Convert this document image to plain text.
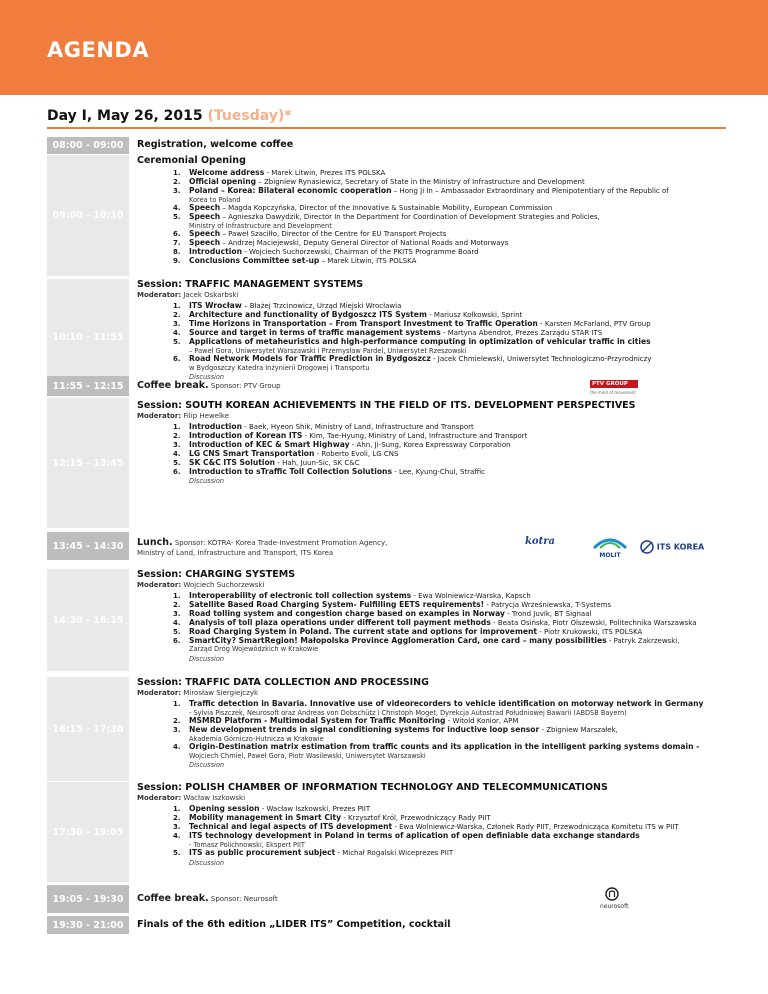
AGENDA
Day I, May 26, 2015 (Tuesday)*
08:00 - 09:00 Registration, welcome coffee
09:00 - 10:10
Ceremonial Opening
1.	Welcome address - Marek Litwin, Prezes ITS POLSKA
2.	Official opening – Zbigniew Rynasiewicz, Secretary of State in the Ministry of Infrastructure and Development
3.	Poland – Korea: Bilateral economic cooperation – Hong Ji In – Ambassador Extraordinary and Plenipotentiary of the Republic of
Korea to Poland
4.	Speech – Magda Kopczyńska, Director of the Innovative & Sustainable Mobility, European Commission
5.	Speech – Agnieszka Dawydzik, Director In the Department for Coordination of Development Strategies and Policies,
Ministry of Infrastructure and Development
6.	Speech – Paweł Szaciłło, Director of the Centre for EU Transport Projects
7.	Speech – Andrzej Maciejewski, Deputy General Director of National Roads and Motorways
8.	Introduction - Wojciech Suchorzewski, Chairman of the PKITS Programme Board
9.	Conclusions Committee set-up – Marek Litwin, ITS POLSKA
10:10 - 11:55
Session: TRAFFIC MANAGEMENT SYSTEMS
Moderator: Jacek Oskarbski
1.	ITS Wrocław – Błażej Trzcinowicz, Urząd Miejski Wrocławia
2.	Architecture and functionality of Bydgoszcz ITS System - Mariusz Kołkowski, Sprint
3.	Time Horizons in Transportation – From Transport Investment to Traffic Operation - Karsten McFarland, PTV Group
4.	Source and target in terms of traffic management systems - Martyna Abendrot, Prezes Zarządu STAR ITS
5.	Applications of metaheuristics and high-performance computing in optimization of vehicular traffic in cities
– Paweł Gora, Uniwersytet Warszawski i Przemysław Pardel, Uniwersytet Rzeszowski
6.	Road Network Models for Traffic Prediction in Bydgoszcz - Jacek Chmielewski, Uniwersytet Technologiczno-Przyrodniczy
w Bydgoszczy Katedra Inżynierii Drogowej i Transportu
Discussion
11:55 - 12:15 Coffee break. Sponsor: PTV Group	PTV GROUP
the mind of movement
12:15 - 13:45
Session: SOUTH KOREAN ACHIEVEMENTS IN THE FIELD OF ITS. DEVELOPMENT PERSPECTIVES
Moderator: Filip Hewelke
1.	Introduction - Baek, Hyeon Shik, Ministry of Land, Infrastructure and Transport
2.	Introduction of Korean ITS - Kim, Tae-Hyung, Ministry of Land, Infrastructure and Transport
3.	Introduction of KEC & Smart Highway - Ahn, Ji-Sung, Korea Expressway Corporation
4.	LG CNS Smart Transportation - Roberto Evoli, LG CNS
5.	SK C&C ITS Solution - Hah, Juun-Sic, SK C&C
6.	Introduction to sTraffic Toll Collection Solutions - Lee, Kyung-Chul, Straffic
Discussion
13:45 - 14:30 Lunch. Sponsor: KOTRA- Korea Trade-Investment Promotion Agency,
Ministry of Land, Infrastructure and Transport, ITS Korea
kotra
MOLIT
ITS KOREA
14:30 - 16:15
Session: CHARGING SYSTEMS
Moderator: Wojciech Suchorzewski
1.	Interoperability of electronic toll collection systems - Ewa Wolniewicz-Warska, Kapsch
2.	Satellite Based Road Charging System- Fulfilling EETS requirements! - Patrycja Wrześniewska, T-Systems
3.	Road tolling system and congestion charge based on examples in Norway - Trond Juvik, BT Signaal
4.	Analysis of toll plaza operations under different toll payment methods - Beata Osińska, Piotr Olszewski, Politechnika Warszawska
5.	Road Charging System in Poland. The current state and options for improvement - Piotr Krukowski, ITS POLSKA
6.	SmartCity? SmartRegion! Małopolska Province Agglomeration Card, one card – many possibilities - Patryk Zakrzewski,
Zarząd Dróg Wojewódzkich w Krakowie
Discussion
16:15 - 17:30
Session: TRAFFIC DATA COLLECTION AND PROCESSING
Moderator: Mirosław Siergiejczyk
1.	Traffic detection in Bavaria. Innovative use of videorecorders to vehicle identification on motorway network in Germany
- Sylvia Piszczek, Neurosoft oraz Andreas von Dobschütz i Christoph Moget, Dyrekcja Autostrad Południowej Bawarii (ABDSB Bayern)
2.	MSMRD Platform - Multimodal System for Traffic Monitoring - Witold Konior, APM
3.	New development trends in signal conditioning systems for inductive loop sensor - Zbigniew Marszałek,
Akademia Górniczo-Hutnicza w Krakowie
4.	Origin-Destination matrix estimation from traffic counts and its application in the intelligent parking systems domain -
Wojciech Chmiel, Paweł Gora, Piotr Wasilewski, Uniwersytet Warszawski
Discussion
17:30 - 19:05
Session: POLISH CHAMBER OF INFORMATION TECHNOLOGY AND TELECOMMUNICATIONS
Moderator: Wacław Iszkowski
1.	Opening session - Wacław Iszkowski, Prezes PIIT
2.	Mobility management in Smart City - Krzysztof Król, Przewodniczący Rady PIIT
3.	Technical and legal aspects of ITS development - Ewa Wolniewicz-Warska, Członek Rady PIIT, Przewodnicząca Komitetu ITS w PIIT
4.	ITS technology development in Poland in terms of aplication of open definiable data exchange standards
- Tomasz Polichnowski, Ekspert PIIT
5.	ITS as public procurement subject - Michał Rogalski Wiceprezes PIIT
Discussion
19:05 - 19:30 Coffee break. Sponsor: Neurosoft
neurosoft
19:30 - 21:00 Finals of the 6th edition „LIDER ITS” Competition, cocktail
